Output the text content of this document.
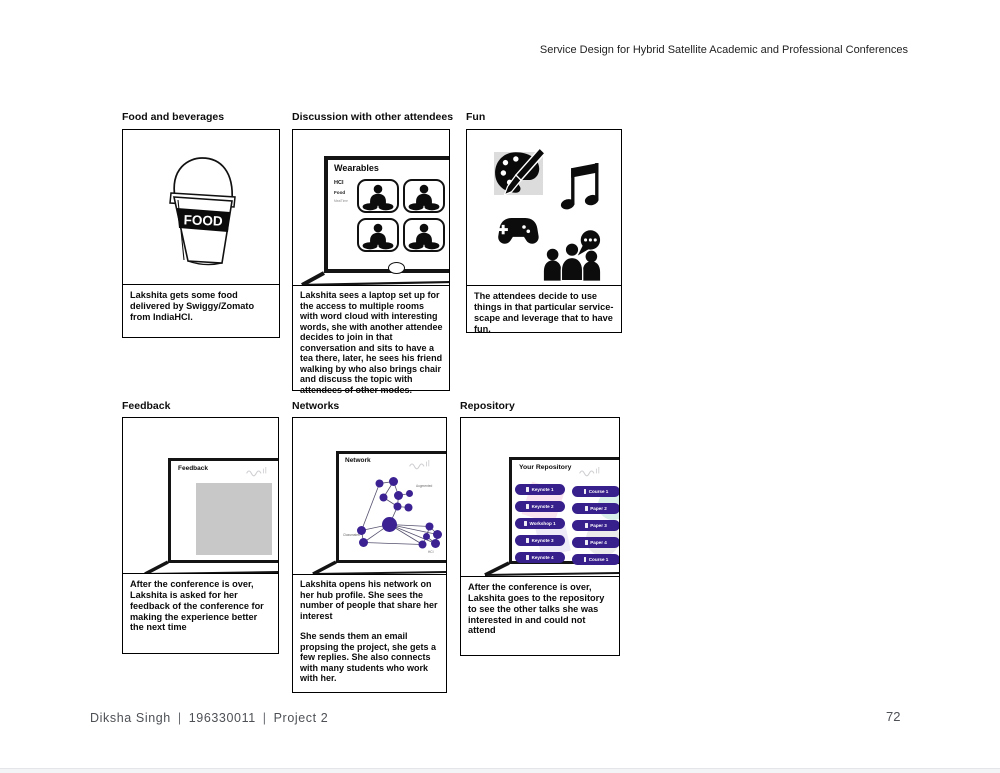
Service Design for Hybrid Satellite Academic and Professional Conferences
Food and beverages
FOOD
Lakshita gets some food delivered by Swiggy/Zomato from IndiaHCI.
Discussion with other attendees
Wearables
HCI
Food
MealTime
Lakshita sees a laptop set up for the access to multiple rooms with word cloud with interesting words, she with another attendee decides to join in that conversation and sits to have a tea there, later, he sees his friend walking by who also brings chair and discuss the topic with attendees of other modes.
Fun
The attendees decide to use things in that particular service-scape and leverage that to have fun.
Feedback
Feedback
After the conference is over, Lakshita is asked for her feedback of the conference for making the experience better the next time
Networks
Network
Augmented
Classmates
HCI
Lakshita opens his network on her hub profile. She sees the number of people that share her interest
She sends them an email propsing the project, she gets a few replies. She also connects with many students who work with her.
Repository
Your Repository
Keynote 1
Keynote 2
Workshop 1
Keynote 3
Keynote 4
Course 1
Paper 2
Paper 3
Paper 4
Course 1
After the conference is over, Lakshita goes to the repository to see the other talks she was interested in and could not attend
Diksha Singh | 196330011 | Project 2	72
